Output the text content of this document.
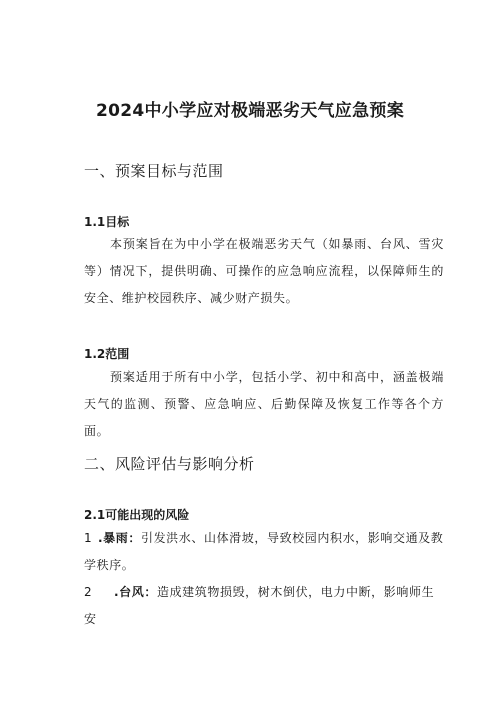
2024中小学应对极端恶劣天气应急预案
一、预案目标与范围
1.1目标

本预案旨在为中小学在极端恶劣天气（如暴雨、台风、雪灾等）情况下，提供明确、可操作的应急响应流程，以保障师生的安全、维护校园秩序、减少财产损失。

1.2范围

预案适用于所有中小学，包括小学、初中和高中，涵盖极端天气的监测、预警、应急响应、后勤保障及恢复工作等各个方面。

二、风险评估与影响分析
2.1可能出现的风险

1 .暴雨：引发洪水、山体滑坡，导致校园内积水，影响交通及教学秩序。

2 .台风：造成建筑物损毁，树木倒伏，电力中断，影响师生安
